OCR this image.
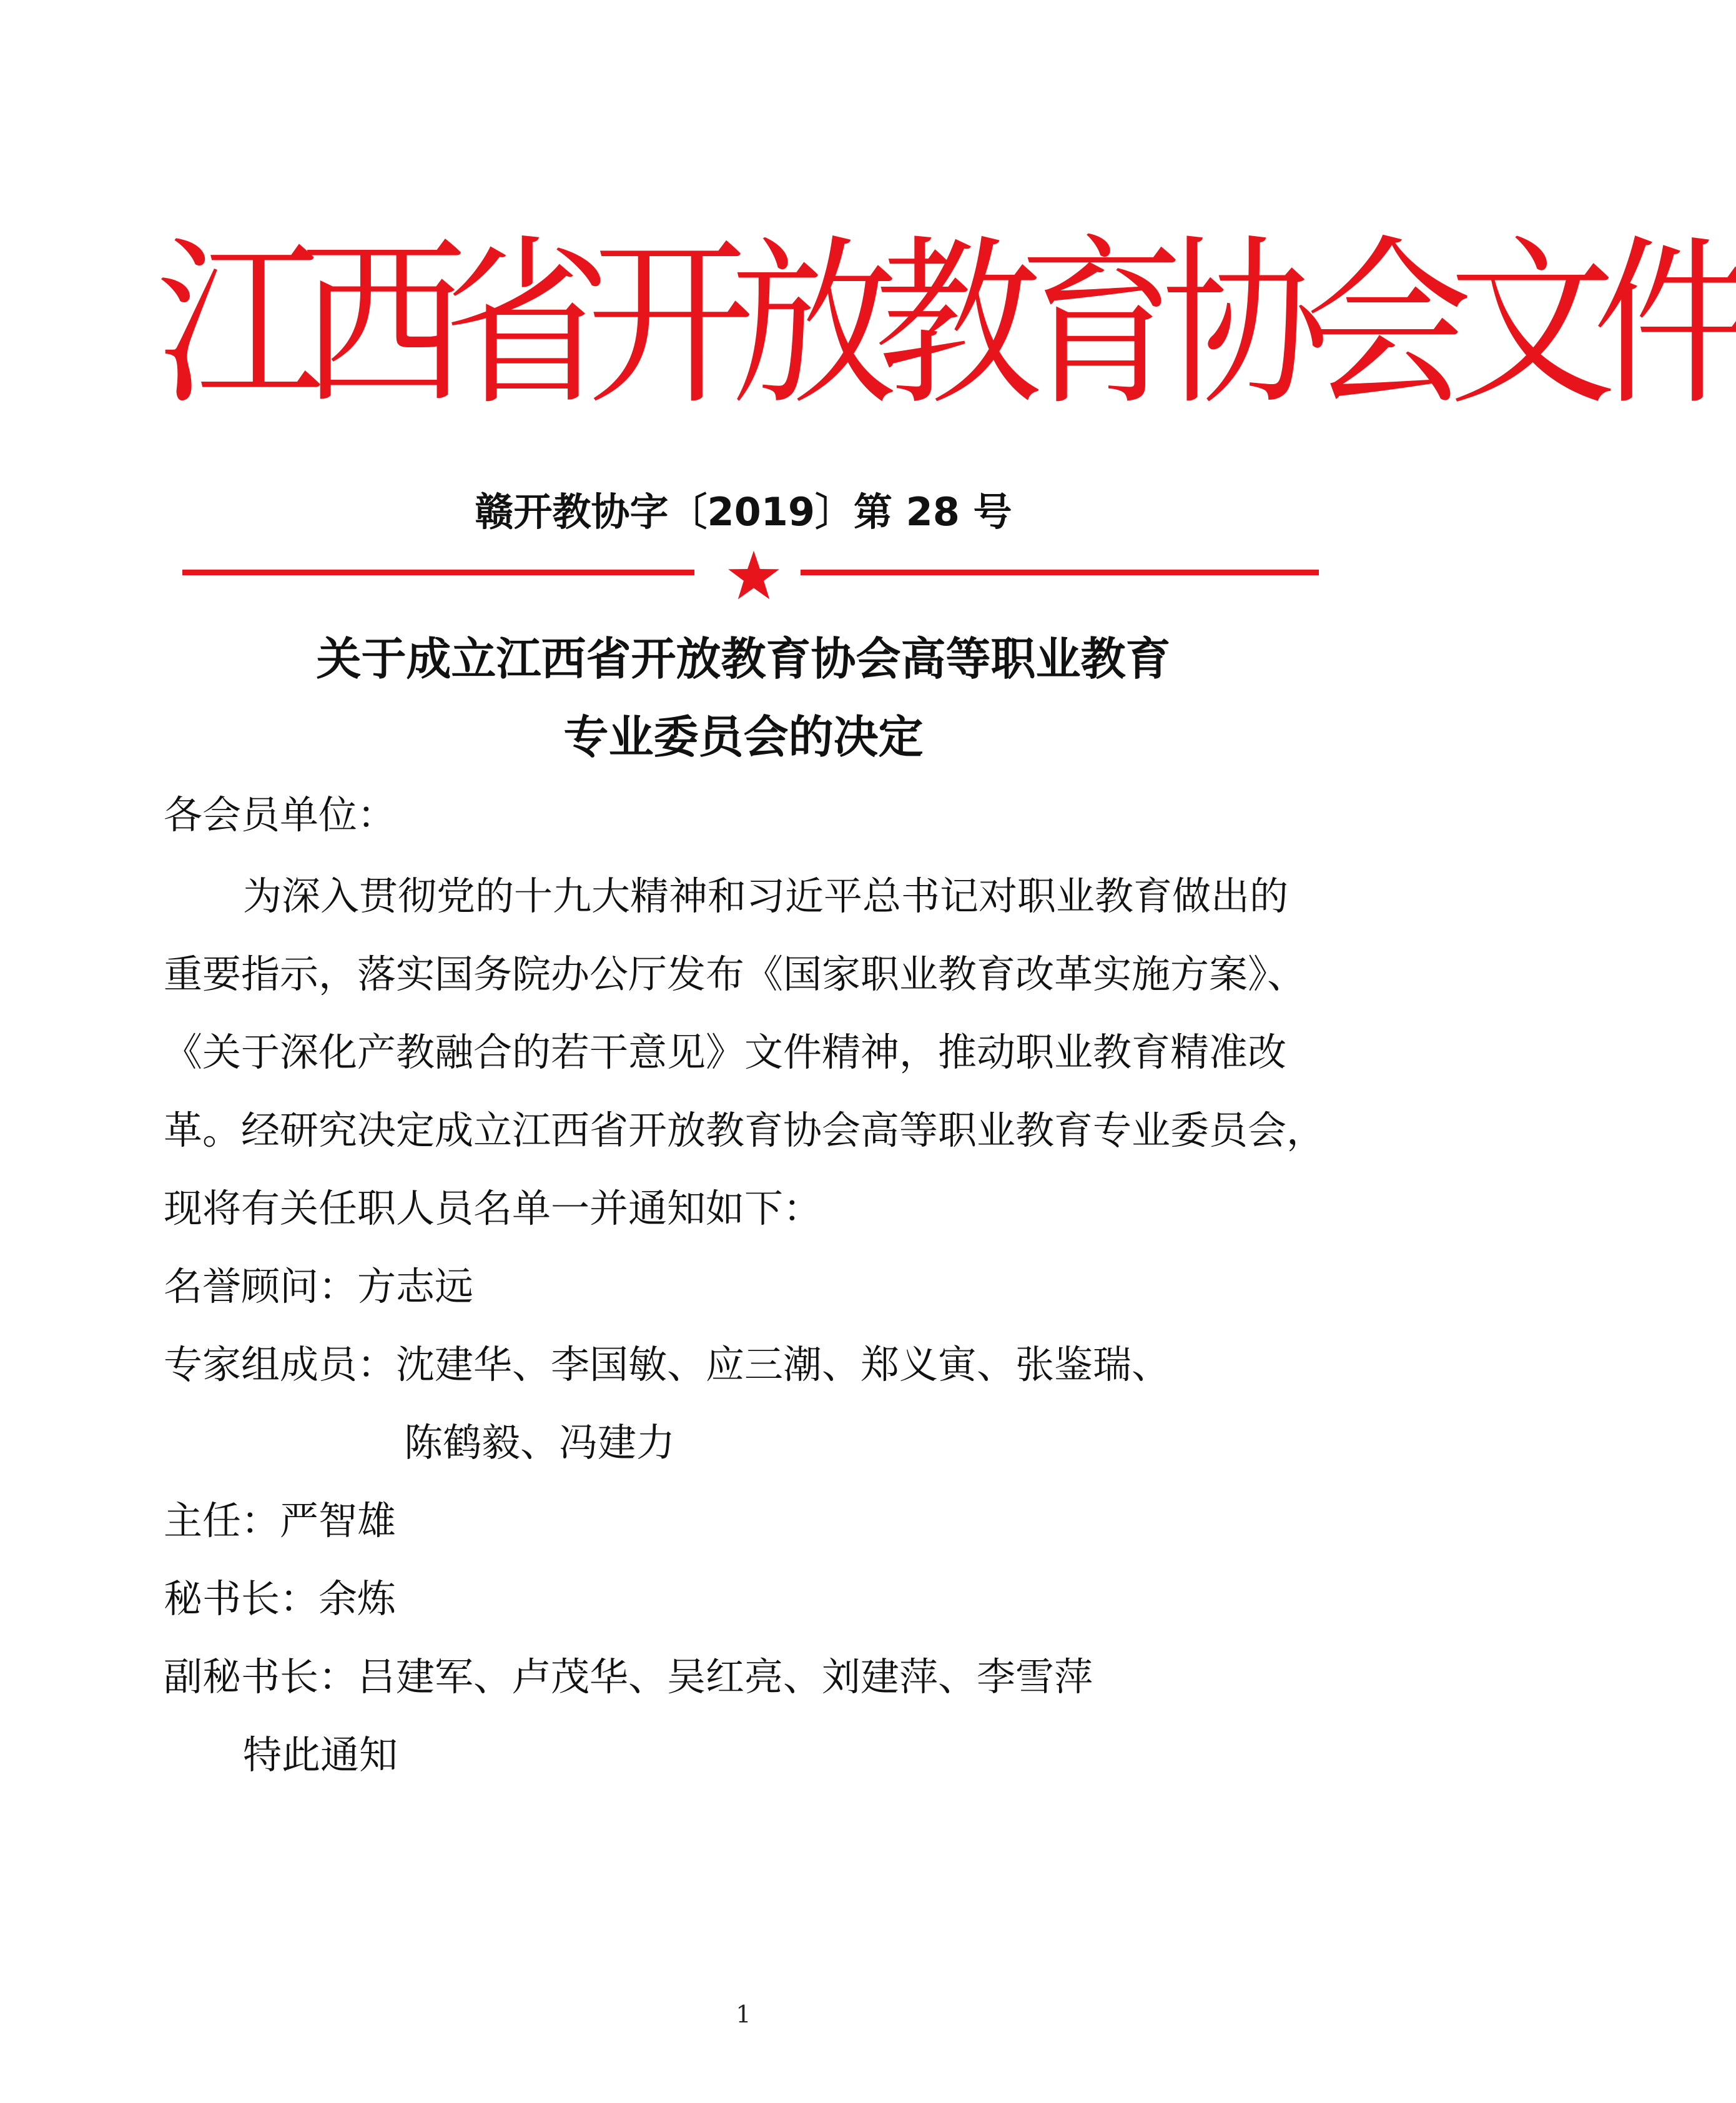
江西省开放教育协会文件
赣开教协字〔2019〕第 28 号
关于成立江西省开放教育协会高等职业教育
专业委员会的决定
各会员单位：
为深入贯彻党的十九大精神和习近平总书记对职业教育做出的
重要指示，落实国务院办公厅发布《国家职业教育改革实施方案》、
《关于深化产教融合的若干意见》文件精神，推动职业教育精准改
革。经研究决定成立江西省开放教育协会高等职业教育专业委员会，
现将有关任职人员名单一并通知如下：
名誉顾问：方志远
专家组成员：沈建华、李国敏、应三潮、郑义寅、张鉴瑞、
陈鹤毅、冯建力
主任：严智雄
秘书长：余炼
副秘书长：吕建军、卢茂华、吴红亮、刘建萍、李雪萍
特此通知
1
